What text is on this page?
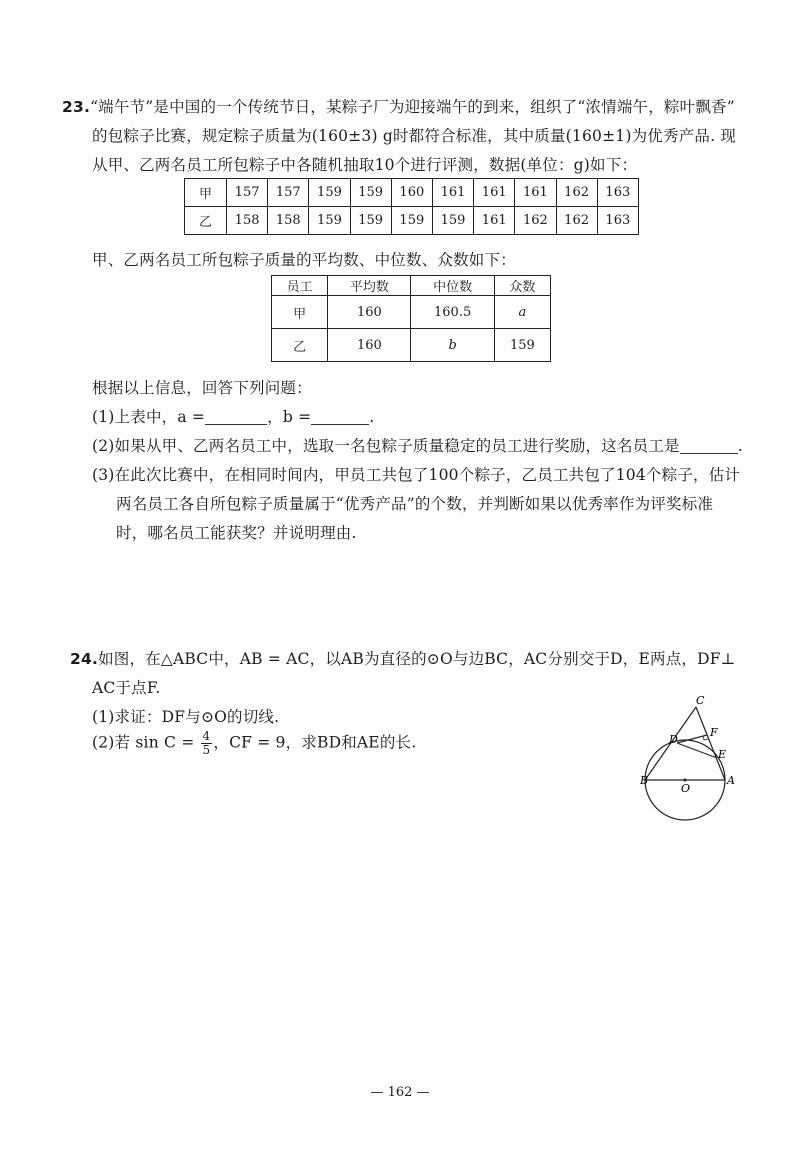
23.“端午节”是中国的一个传统节日，某粽子厂为迎接端午的到来，组织了“浓情端午，粽叶飘香”
的包粽子比赛，规定粽子质量为(160±3) g时都符合标准，其中质量(160±1)为优秀产品. 现
从甲、乙两名员工所包粽子中各随机抽取10个进行评测，数据(单位：g)如下：
甲	157	157	159	159	160	161	161	161	162	163
乙	158	158	159	159	159	159	161	162	162	163
甲、乙两名员工所包粽子质量的平均数、中位数、众数如下：
员工	平均数	中位数	众数
甲	160	160.5	a
乙	160	b	159
根据以上信息，回答下列问题：
(1)上表中，a =	，b =	.
(2)如果从甲、乙两名员工中，选取一名包粽子质量稳定的员工进行奖励，这名员工是	.
(3)在此次比赛中，在相同时间内，甲员工共包了100个粽子，乙员工共包了104个粽子，估计
两名员工各自所包粽子质量属于“优秀产品”的个数，并判断如果以优秀率作为评奖标准
时，哪名员工能获奖？并说明理由.
24.如图，在△ABC中，AB = AC，以AB为直径的⊙O与边BC，AC分别交于D，E两点，DF⊥
AC于点F.
(1)求证：DF与⊙O的切线.
(2)若 $\sin C = \frac{4}{5}$ ，CF = 9，求BD和AE的长.
C
F
D
E
B
O
A
— 162 —
